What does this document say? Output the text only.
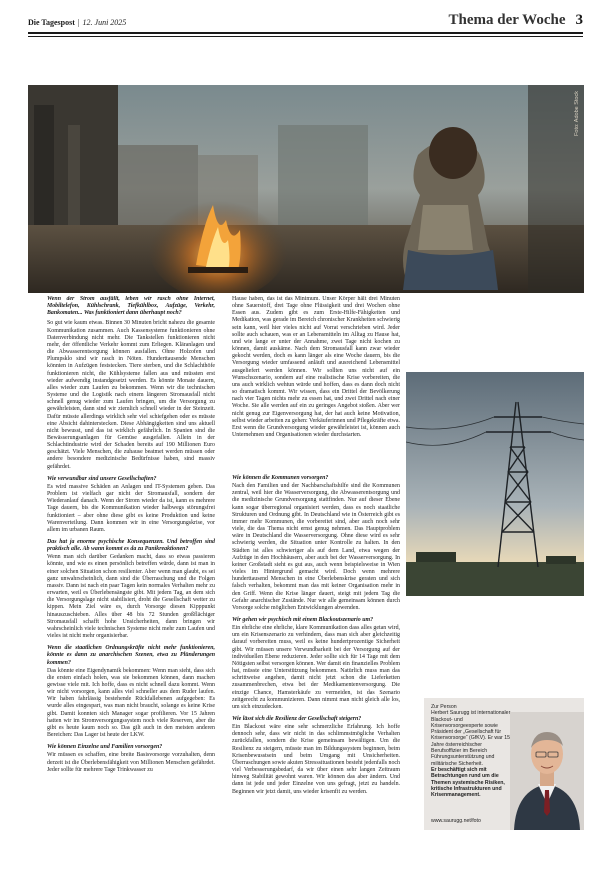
Die Tagespost | 12. Juni 2025	Thema der Woche 3
Foto: Adobe Stock

Wenn der Strom ausfällt, leben wir rasch ohne Internet, Mobiltelefon, Kühlschrank, Tiefkühlbox, Aufzüge, Verkehr, Bankomaten... Was funktioniert dann überhaupt noch?

So gut wie kaum etwas. Binnen 30 Minuten bricht nahezu die gesamte Kommunikation zusammen. Auch Kassensysteme funktionieren ohne Datenverbindung nicht mehr. Die Tankstellen funktionieren nicht mehr, der öffentliche Verkehr kommt zum Erliegen. Kläranlagen und die Abwasserentsorgung können ausfallen. Ohne Holzofen und Plumpsklo sind wir rasch in Nöten. Hunderttausende Menschen könnten in Aufzügen feststecken. Tiere sterben, und die Schlachthöfe funktionieren nicht, die Kühlsysteme fallen aus und müssten erst wieder aufwendig instandgesetzt werden. Es könnte Monate dauern, alles wieder zum Laufen zu bekommen. Wenn wir die technischen Systeme und die Logistik nach einem längeren Stromausfall nicht schnell genug wieder zum Laufen bringen, um die Versorgung zu gewährleisten, dann sind wir ziemlich schnell wieder in der Steinzeit. Dafür müsste allerdings wirklich sehr viel schiefgehen oder es müsste eine Absicht dahinterstecken. Diese Abhängigkeiten sind uns aktuell nicht bewusst, und das ist wirklich gefährlich. In Spanien sind die Bewässerungsanlagen für Gemüse ausgefallen. Allein in der Schlachtindustrie wird der Schaden bereits auf 190 Millionen Euro geschätzt. Viele Menschen, die zuhause beatmet werden müssen oder andere besondere medizinische Bedürfnisse haben, sind massiv gefährdet.

Wie verwundbar sind unsere Gesellschaften?

Es wird massive Schäden an Anlagen und IT-Systemen geben. Das Problem ist vielfach gar nicht der Stromausfall, sondern der Wiederanlauf danach. Wenn der Strom wieder da ist, kann es mehrere Tage dauern, bis die Kommunikation wieder halbwegs störungsfrei funktioniert – aber ohne diese gibt es keine Produktion und keine Warenverteilung. Dann kommen wir in eine Versorgungskrise, vor allem im urbanen Raum.

Das hat ja enorme psychische Konsequenzen. Und betroffen sind praktisch alle. Ab wann kommt es da zu Panikreaktionen?

Wenn man sich darüber Gedanken macht, dass so etwas passieren könnte, und wie es einen persönlich betreffen würde, dann ist man in einer solchen Situation schon resilienter. Aber wenn man glaubt, es sei ganz unwahrscheinlich, dann sind die Überraschung und die Folgen massiv. Dann ist nach ein paar Tagen kein normales Verhalten mehr zu erwarten, weil es Überlebensängste gibt. Mit jedem Tag, an dem sich die Versorgungslage nicht stabilisiert, droht die Gesellschaft weiter zu kippen. Mein Ziel wäre es, durch Vorsorge diesen Kipppunkt hinauszuschieben. Alles über 48 bis 72 Stunden großflächiger Stromausfall schafft hohe Unsicherheiten, dann bringen wir wahrscheinlich viele technischen Systeme nicht mehr zum Laufen und vieles ist nicht mehr organisierbar.

Wenn die staatlichen Ordnungskräfte nicht mehr funktionieren, könnte es dann zu anarchischen Szenen, etwa zu Plünderungen kommen?

Das könnte eine Eigendynamik bekommen: Wenn man sieht, dass sich die ersten einfach holen, was sie bekommen können, dann machen gewisse viele mit. Ich hoffe, dass es nicht schnell dazu kommt. Wenn wir nicht vorsorgen, kann alles viel schneller aus dem Ruder laufen. Wir haben fahrlässig bestehende Rückfallebenen aufgegeben: Es wurde alles eingespart, was man nicht braucht, solange es keine Krise gibt. Damit konnten sich Manager sogar profilieren. Vor 15 Jahren hatten wir im Stromversorgungssystem noch viele Reserven, aber die gibt es heute kaum noch so. Das gilt auch in den meisten anderen Bereichen: Das Lager ist heute der LKW.

Wie können Einzelne und Familien vorsorgen?

Wir müssen es schaffen, eine breite Basisvorsorge vorzuhalten, denn derzeit ist die Überlebensfähigkeit von Millionen Menschen gefährdet. Jeder sollte für mehrere Tage Trinkwasser zu

Hause haben, das ist das Minimum. Unser Körper hält drei Minuten ohne Sauerstoff, drei Tage ohne Flüssigkeit und drei Wochen ohne Essen aus. Zudem gibt es zum Erste-Hilfe-Fähigkeiten und Medikation, was gerade im Bereich chronischer Krankheiten schwierig sein kann, weil hier vieles nicht auf Vorrat verschrieben wird. Jeder sollte auch schauen, was er an Lebensmitteln im Alltag zu Hause hat, und wie lange er unter der Annahme, zwei Tage nicht kochen zu können, damit auskäme. Nach dem Stromausfall kann zwar wieder gekocht werden, doch es kann länger als eine Woche dauern, bis die Versorgung wieder umfassend anläuft und ausreichend Lebensmittel ausgeliefert werden können. Wir sollten uns nicht auf ein Wunschszenario, sondern auf eine realistische Krise vorbereiten, die uns auch wirklich wehtun würde und hoffen, dass es dann doch nicht so dramatisch kommt. Wir wissen, dass ein Drittel der Bevölkerung nach vier Tagen nichts mehr zu essen hat, und zwei Drittel nach einer Woche. Sie alle werden auf ein zu geringes Angebot stoßen. Aber wer nicht genug zur Eigenversorgung hat, der hat auch keine Motivation, selbst wieder arbeiten zu gehen: Verkäuferinnen und Pflegekräfte etwa. Erst wenn die Grundversorgung wieder gewährleistet ist, können auch Unternehmen und Organisationen wieder durchstarten.

Wie können die Kommunen vorsorgen?

Nach den Familien und der Nachbarschaftshilfe sind die Kommunen zentral, weil hier die Wasserversorgung, die Abwasserentsorgung und die medizinische Grundversorgung stattfinden. Nur auf dieser Ebene kann sogar überregional organisiert werden, dass es noch staatliche Strukturen und Ordnung gibt. In Deutschland wie in Österreich gibt es immer mehr Kommunen, die vorbereitet sind, aber auch noch sehr viele, die das Thema nicht ernst genug nehmen. Das Hauptproblem wäre in Deutschland die Wasserversorgung. Ohne diese wird es sehr schwierig werden, die Situation unter Kontrolle zu halten. In den Städten ist alles schwieriger als auf dem Land, etwa wegen der Aufzüge in den Hochhäusern, aber auch bei der Wasserversorgung. In keiner Großstadt sieht es gut aus, auch wenn beispielsweise in Wien vieles im Hintergrund gemacht wird. Doch wenn mehrere hunderttausend Menschen in eine Überlebenskrise geraten und sich falsch verhalten, bekommt man das mit keiner Organisation mehr in den Griff. Wenn die Krise länger dauert, steigt mit jedem Tag die Gefahr anarchischer Zustände. Nur wir alle gemeinsam können durch Vorsorge solche möglichen Entwicklungen abwenden.

Wir gehen wir psychisch mit einem Blackoutszenario um?

Ein ehrliche eine ehrliche, klare Kommunikation dass alles getan wird, um ein Krisenszenario zu verhindern, dass man sich aber gleichzeitig darauf vorbereiten muss, weil es keine hundertprozentige Sicherheit gibt. Wir müssen unsere Verwundbarkeit bei der Versorgung auf der individuellen Ebene reduzieren. Jeder sollte sich für 14 Tage mit dem Nötigsten selbst versorgen können. Wer damit ein finanzielles Problem hat, müsste eine Unterstützung bekommen. Natürlich muss man das schrittweise angehen, damit nicht jetzt schon die Lieferketten zusammenbrechen, etwa bei der Medikamentenversorgung. Die einzige Chance, Hamsterkäufe zu vermeiden, ist das Szenario zeitgerecht zu kommunizieren. Dann nimmt man nicht gleich alle los, um sich einzudecken.

Wie lässt sich die Resilienz der Gesellschaft steigern?

Ein Blackout wäre eine sehr schmerzliche Erfahrung. Ich hoffe dennoch sehr, dass wir nicht in das schlimmstmögliche Verhalten zurückfallen, sondern die Krise gemeinsam bewältigen. Um die Resilienz zu steigern, müsste man im Bildungssystem beginnen, beim Krisenbewusstsein und beim Umgang mit Unsicherheiten. Überraschungen sowie akuten Stresssituationen besteht jedenfalls noch viel Verbesserungsbedarf, da wir über einen sehr langen Zeitraum hinweg Stabilität gewohnt waren. Wir können das aber ändern. Und dann ist jede und jeder Einzelne von uns gefragt, jetzt zu handeln. Beginnen wir jetzt damit, uns wieder krisenfit zu werden.

Zur Person
Herbert Saurugg ist internationaler Blackout- und Krisenvorsorgeexperte sowie Präsident der „Gesellschaft für Krisenvorsorge“ (GfKV). Er war 15 Jahre österreichischer Berufsoffizier im Bereich Führungsunterstützung und militärische Sicherheit.
Er beschäftigt sich mit Betrachtungen rund um die Themen systemische Risiken, kritische Infrastrukturen und Krisenmanagement.
www.saurugg.net/foto
